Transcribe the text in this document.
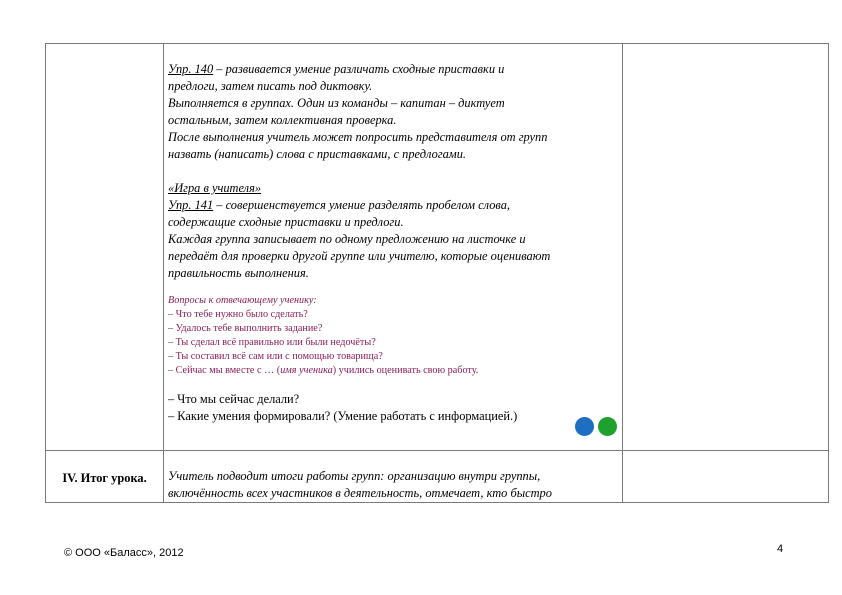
Упр. 140 – развивается умение различать сходные приставки и

предлоги, затем писать под диктовку.

Выполняется в группах. Один из команды – капитан – диктует

остальным, затем коллективная проверка.

После выполнения учитель может попросить представителя от групп

назвать (написать) слова с приставками, с предлогами.

«Игра в учителя»

Упр. 141 – совершенствуется умение разделять пробелом слова,

содержащие сходные приставки и предлоги.

Каждая группа записывает по одному предложению на листочке и

передаёт для проверки другой группе или учителю, которые оценивают

правильность выполнения.

Вопросы к отвечающему ученику:

– Что тебе нужно было сделать?

– Удалось тебе выполнить задание?

– Ты сделал всё правильно или были недочёты?

– Ты составил всё сам или с помощью товарища?

– Сейчас мы вместе с … (имя ученика) учились оценивать свою работу.

– Что мы сейчас делали?

– Какие умения формировали? (Умение работать с информацией.)

IV. Итог урока.	Учитель подводит итоги работы групп: организацию внутри группы,

включённость всех участников в деятельность, отмечает, кто быстро

© ООО «Баласс», 2012	4
